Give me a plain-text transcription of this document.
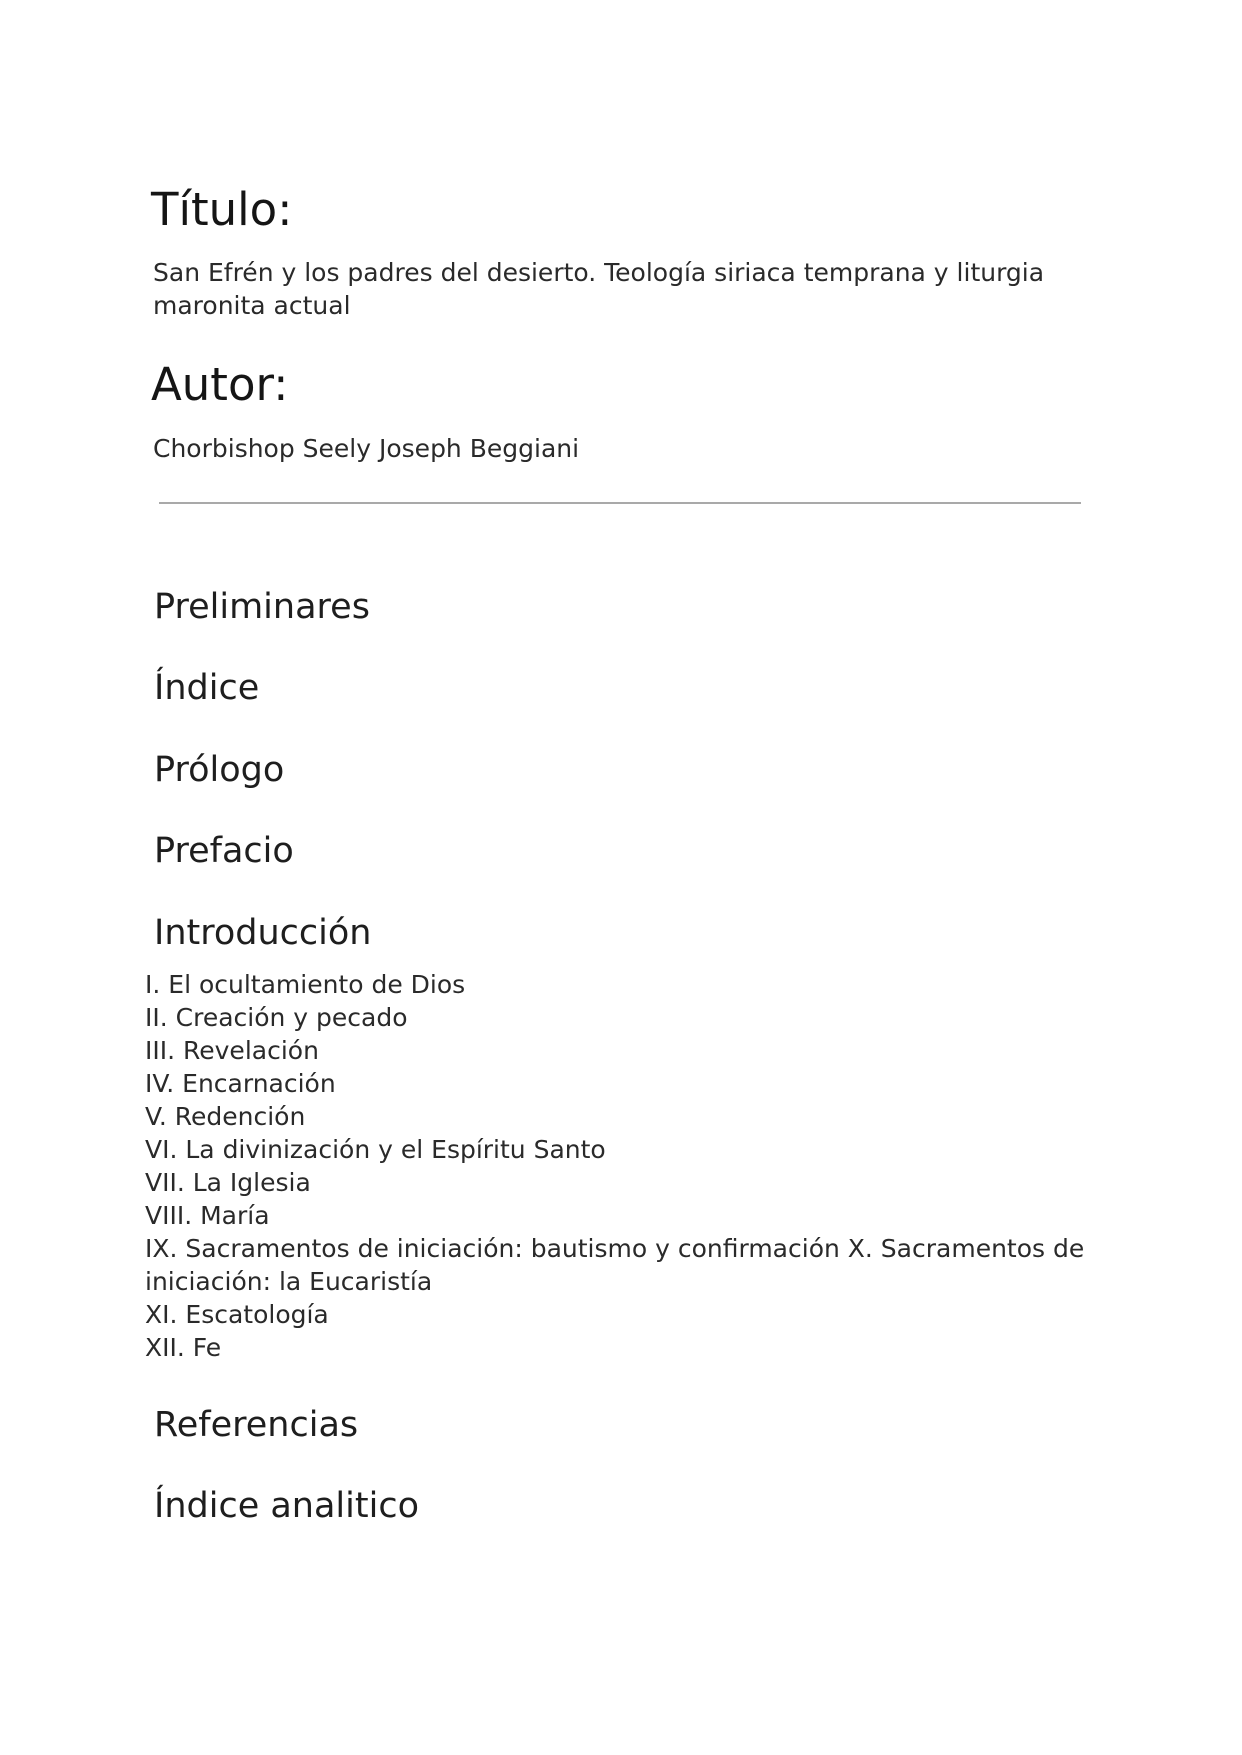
Título:

San Efrén y los padres del desierto. Teología siriaca temprana y liturgia maronita actual

Autor:

Chorbishop Seely Joseph Beggiani

Preliminares
Índice
Prólogo
Prefacio
Introducción
I. El ocultamiento de Dios
II. Creación y pecado
III. Revelación
IV. Encarnación
V. Redención
VI. La divinización y el Espíritu Santo
VII. La Iglesia
VIII. María
IX. Sacramentos de iniciación: bautismo y confirmación X. Sacramentos de iniciación: la Eucaristía
XI. Escatología
XII. Fe
Referencias
Índice analitico
